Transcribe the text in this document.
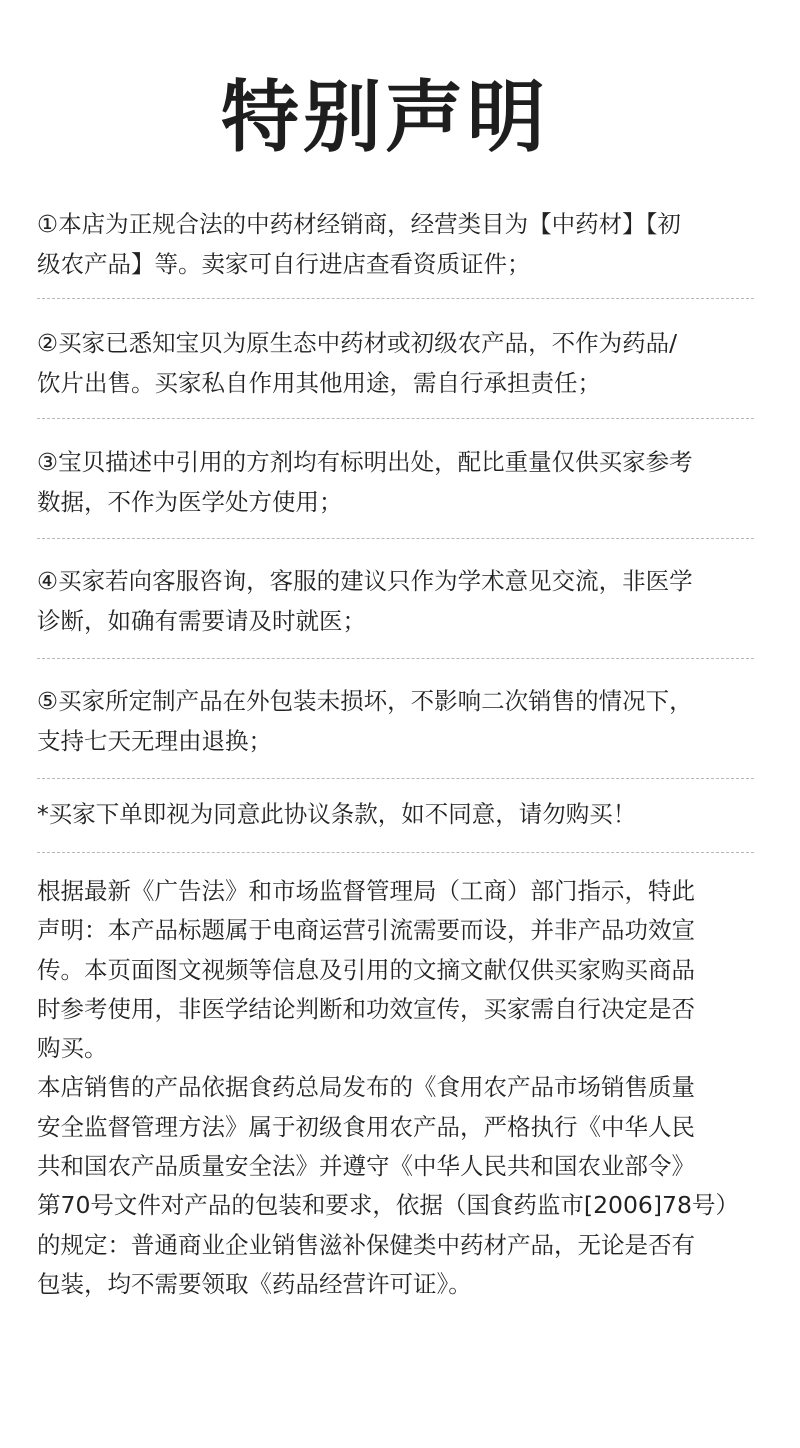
特别声明
①本店为正规合法的中药材经销商，经营类目为【中药材】【初
级农产品】等。卖家可自行进店查看资质证件；
②买家已悉知宝贝为原生态中药材或初级农产品，不作为药品/
饮片出售。买家私自作用其他用途，需自行承担责任；
③宝贝描述中引用的方剂均有标明出处，配比重量仅供买家参考
数据，不作为医学处方使用；
④买家若向客服咨询，客服的建议只作为学术意见交流，非医学
诊断，如确有需要请及时就医；
⑤买家所定制产品在外包装未损坏，不影响二次销售的情况下，
支持七天无理由退换；
*买家下单即视为同意此协议条款，如不同意，请勿购买！
根据最新《广告法》和市场监督管理局（工商）部门指示，特此
声明：本产品标题属于电商运营引流需要而设，并非产品功效宣
传。本页面图文视频等信息及引用的文摘文献仅供买家购买商品
时参考使用，非医学结论判断和功效宣传，买家需自行决定是否
购买。
本店销售的产品依据食药总局发布的《食用农产品市场销售质量
安全监督管理方法》属于初级食用农产品，严格执行《中华人民
共和国农产品质量安全法》并遵守《中华人民共和国农业部令》
第70号文件对产品的包装和要求，依据（国食药监市[2006]78号）
的规定：普通商业企业销售滋补保健类中药材产品，无论是否有
包装，均不需要领取《药品经营许可证》。
